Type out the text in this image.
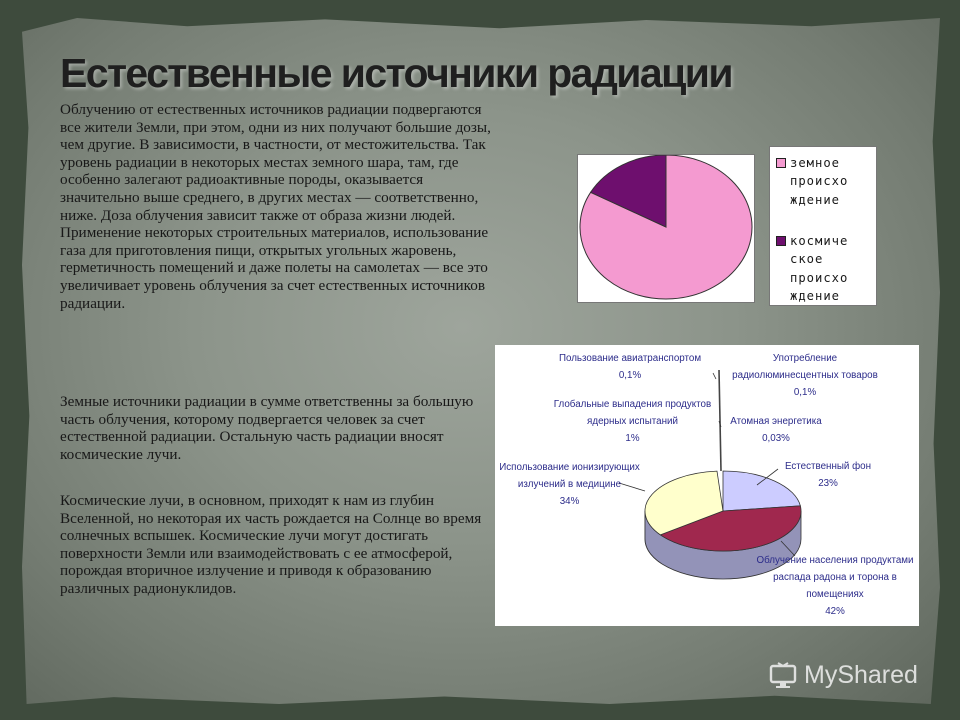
Естественные источники радиации

Облучению от естественных источников радиации подвергаются все жители Земли, при этом, одни из них получают большие дозы, чем другие. В зависимости, в частности, от местожительства. Так уровень радиации в некоторых местах земного шара, там, где особенно залегают радиоактивные породы, оказывается значительно выше среднего, в других местах — соответственно, ниже. Доза облучения зависит также от образа жизни людей. Применение некоторых строительных материалов, использование газа для приготовления пищи, открытых угольных жаровень, герметичность помещений и даже полеты на самолетах — все это увеличивает уровень облучения за счет естественных источников радиации.

Земные источники радиации в сумме ответственны за большую часть облучения, которому подвергается человек за счет естественной радиации. Остальную часть радиации вносят космические лучи.

Космические лучи, в основном, приходят к нам из глубин Вселенной, но некоторая их часть рождается на Солнце во время солнечных вспышек. Космические лучи могут достигать поверхности Земли или взаимодействовать с ее атмосферой, порождая вторичное излучение и приводя к образованию различных радионуклидов.

земное
происхо
ждение
космиче
ское
происхо
ждение
Пользование авиатранспортом
0,1%
Употребление
радиолюминесцентных товаров
0,1%
Глобальные выпадения продуктов
ядерных испытаний
1%
Атомная энергетика
0,03%
Использование ионизирующих
излучений в медицине
34%
Естественный фон
23%
Облучение населения продуктами
распада радона и торона в
помещениях
42%
MyShared
